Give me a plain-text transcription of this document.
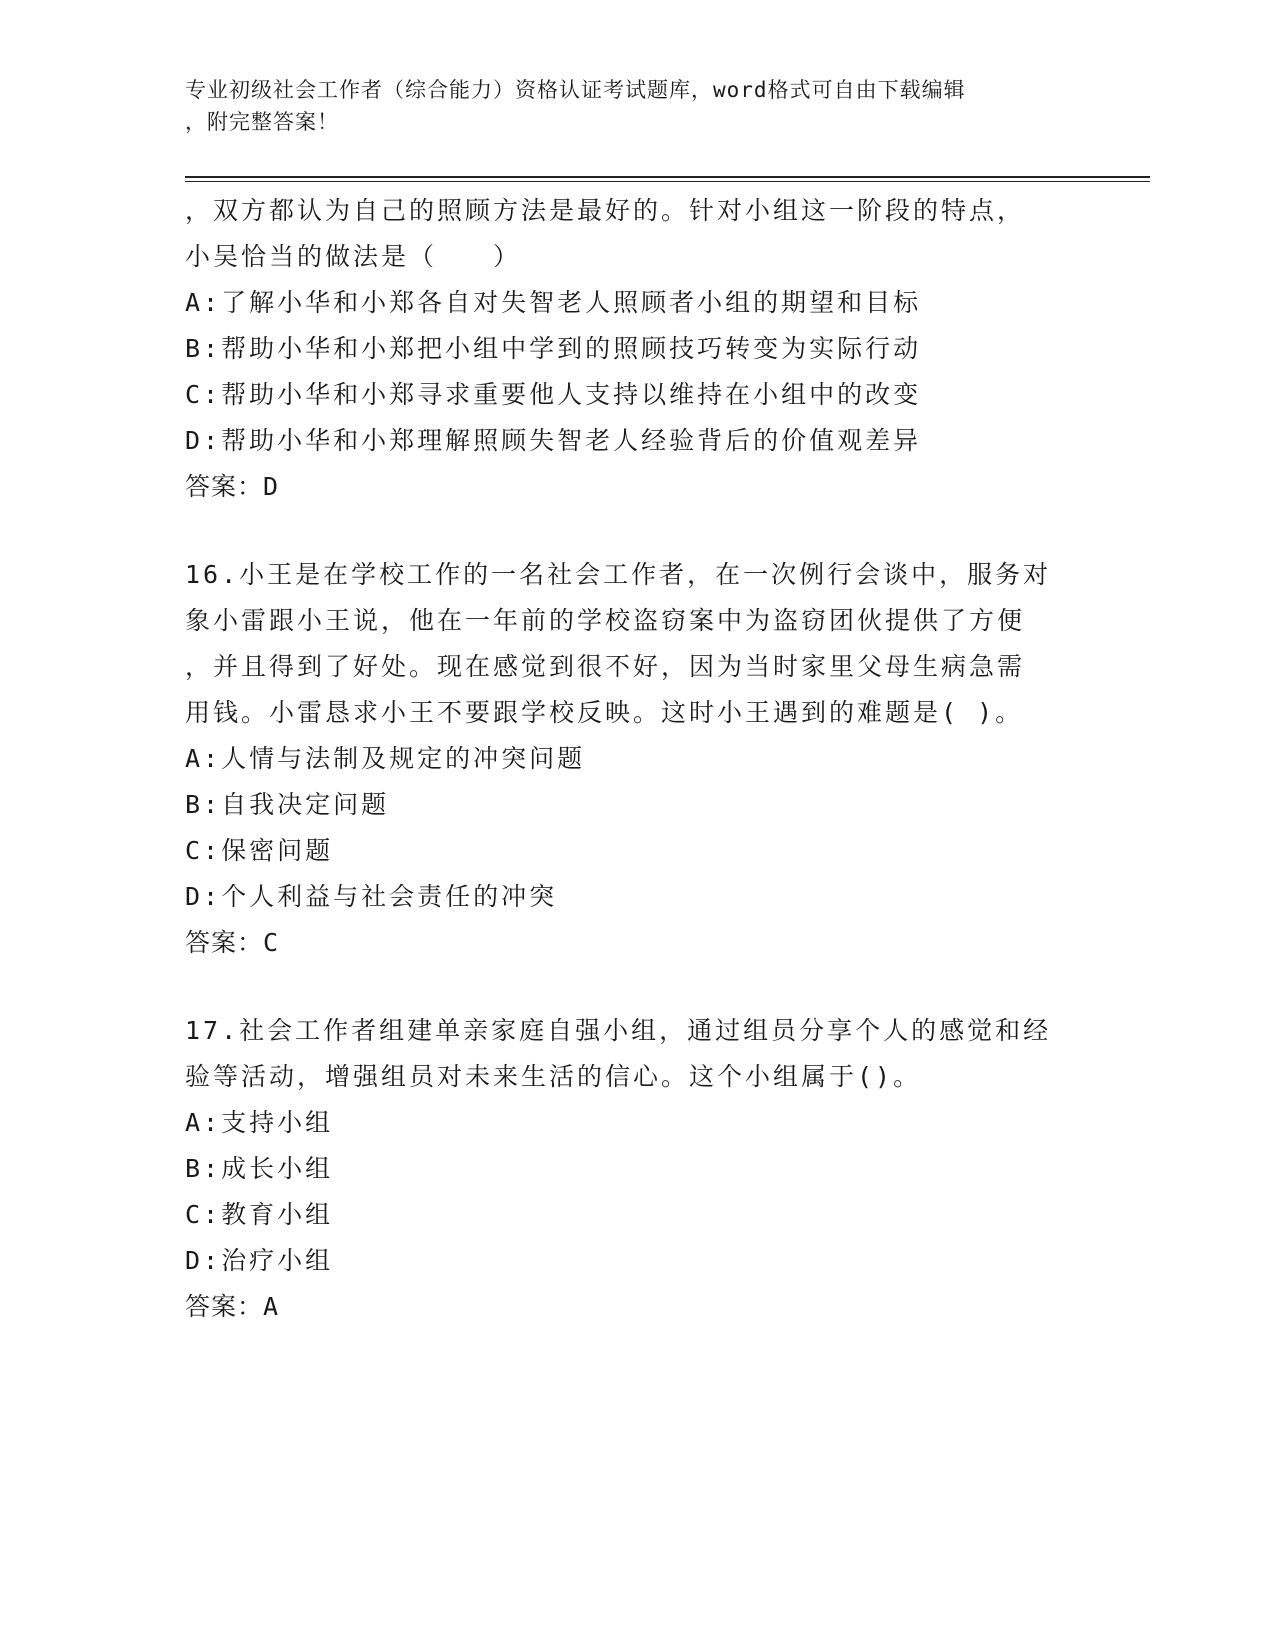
专业初级社会工作者（综合能力）资格认证考试题库，word格式可自由下载编辑
，附完整答案！
，双方都认为自己的照顾方法是最好的。针对小组这一阶段的特点，
小吴恰当的做法是（　　）
A:了解小华和小郑各自对失智老人照顾者小组的期望和目标
B:帮助小华和小郑把小组中学到的照顾技巧转变为实际行动
C:帮助小华和小郑寻求重要他人支持以维持在小组中的改变
D:帮助小华和小郑理解照顾失智老人经验背后的价值观差异
答案：D
16.小王是在学校工作的一名社会工作者，在一次例行会谈中，服务对
象小雷跟小王说，他在一年前的学校盗窃案中为盗窃团伙提供了方便
，并且得到了好处。现在感觉到很不好，因为当时家里父母生病急需
用钱。小雷恳求小王不要跟学校反映。这时小王遇到的难题是( )。
A:人情与法制及规定的冲突问题
B:自我决定问题
C:保密问题
D:个人利益与社会责任的冲突
答案：C
17.社会工作者组建单亲家庭自强小组，通过组员分享个人的感觉和经
验等活动，增强组员对未来生活的信心。这个小组属于()。
A:支持小组
B:成长小组
C:教育小组
D:治疗小组
答案：A
